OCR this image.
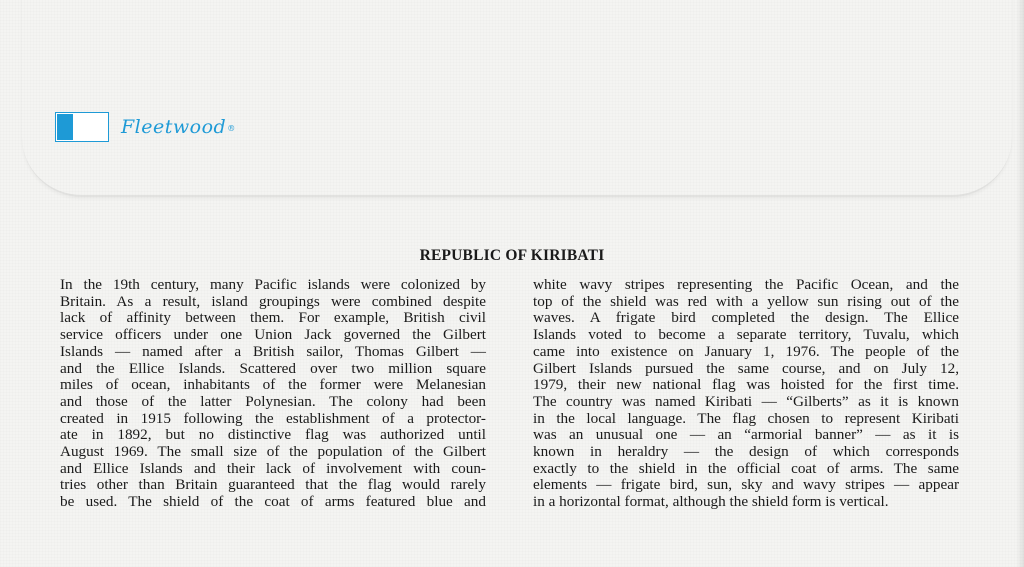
Fleetwood®
REPUBLIC OF KIRIBATI
In the 19th century, many Pacific islands were colonized by
Britain. As a result, island groupings were combined despite
lack of affinity between them. For example, British civil
service officers under one Union Jack governed the Gilbert
Islands — named after a British sailor, Thomas Gilbert —
and the Ellice Islands. Scattered over two million square
miles of ocean, inhabitants of the former were Melanesian
and those of the latter Polynesian. The colony had been
created in 1915 following the establishment of a protector-
ate in 1892, but no distinctive flag was authorized until
August 1969. The small size of the population of the Gilbert
and Ellice Islands and their lack of involvement with coun-
tries other than Britain guaranteed that the flag would rarely
be used. The shield of the coat of arms featured blue and
white wavy stripes representing the Pacific Ocean, and the
top of the shield was red with a yellow sun rising out of the
waves. A frigate bird completed the design. The Ellice
Islands voted to become a separate territory, Tuvalu, which
came into existence on January 1, 1976. The people of the
Gilbert Islands pursued the same course, and on July 12,
1979, their new national flag was hoisted for the first time.
The country was named Kiribati — “Gilberts” as it is known
in the local language. The flag chosen to represent Kiribati
was an unusual one — an “armorial banner” — as it is
known in heraldry — the design of which corresponds
exactly to the shield in the official coat of arms. The same
elements — frigate bird, sun, sky and wavy stripes — appear
in a horizontal format, although the shield form is vertical.
